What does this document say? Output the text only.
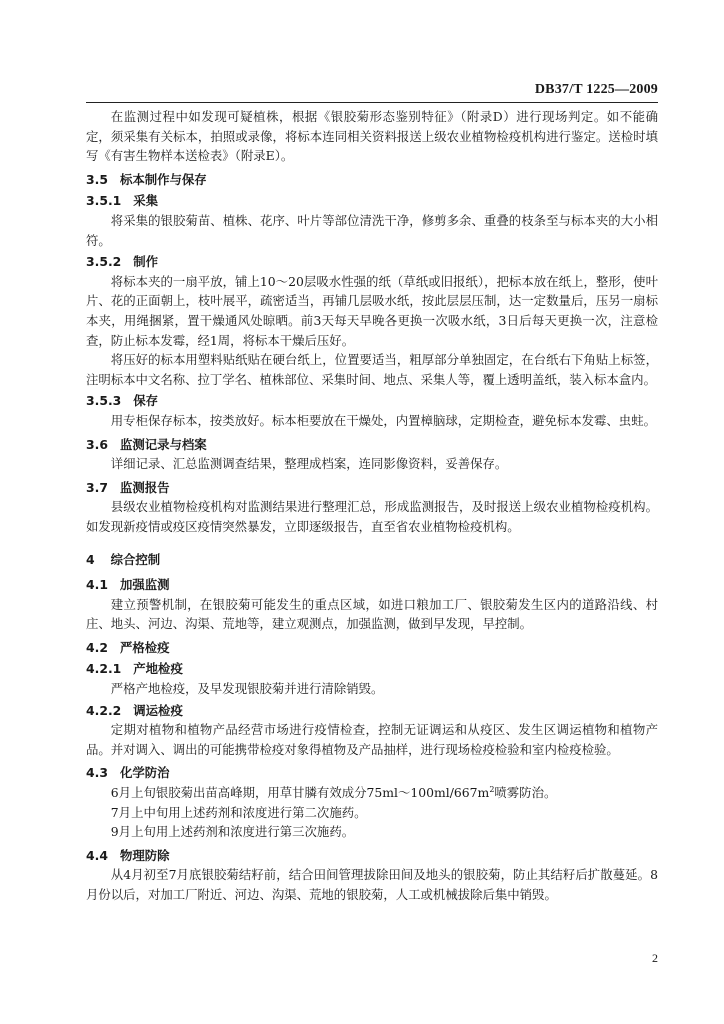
DB37/T 1225—2009

在监测过程中如发现可疑植株，根据《银胶菊形态鉴别特征》（附录D）进行现场判定。如不能确定，须采集有关标本，拍照或录像，将标本连同相关资料报送上级农业植物检疫机构进行鉴定。送检时填写《有害生物样本送检表》（附录E）。

3.5 标本制作与保存
3.5.1 采集

将采集的银胶菊苗、植株、花序、叶片等部位清洗干净，修剪多余、重叠的枝条至与标本夹的大小相符。

3.5.2 制作

将标本夹的一扇平放，铺上10～20层吸水性强的纸（草纸或旧报纸），把标本放在纸上，整形，使叶片、花的正面朝上，枝叶展平，疏密适当，再铺几层吸水纸，按此层层压制，达一定数量后，压另一扇标本夹，用绳捆紧，置干燥通风处晾晒。前3天每天早晚各更换一次吸水纸，3日后每天更换一次，注意检查，防止标本发霉，经1周，将标本干燥后压好。

将压好的标本用塑料贴纸贴在硬台纸上，位置要适当，粗厚部分单独固定，在台纸右下角贴上标签，注明标本中文名称、拉丁学名、植株部位、采集时间、地点、采集人等，覆上透明盖纸，装入标本盒内。

3.5.3 保存

用专柜保存标本，按类放好。标本柜要放在干燥处，内置樟脑球，定期检查，避免标本发霉、虫蛀。

3.6 监测记录与档案

详细记录、汇总监测调查结果，整理成档案，连同影像资料，妥善保存。

3.7 监测报告

县级农业植物检疫机构对监测结果进行整理汇总，形成监测报告，及时报送上级农业植物检疫机构。如发现新疫情或疫区疫情突然暴发，立即逐级报告，直至省农业植物检疫机构。

4 综合控制
4.1 加强监测

建立预警机制，在银胶菊可能发生的重点区域，如进口粮加工厂、银胶菊发生区内的道路沿线、村庄、地头、河边、沟渠、荒地等，建立观测点，加强监测，做到早发现，早控制。

4.2 严格检疫
4.2.1 产地检疫

严格产地检疫，及早发现银胶菊并进行清除销毁。

4.2.2 调运检疫

定期对植物和植物产品经营市场进行疫情检查，控制无证调运和从疫区、发生区调运植物和植物产品。并对调入、调出的可能携带检疫对象得植物及产品抽样，进行现场检疫检验和室内检疫检验。

4.3 化学防治

6月上旬银胶菊出苗高峰期，用草甘膦有效成分$75ml\sim 100ml/667m^2$喷雾防治。

7月上中旬用上述药剂和浓度进行第二次施药。

9月上旬用上述药剂和浓度进行第三次施药。

4.4 物理防除

从4月初至7月底银胶菊结籽前，结合田间管理拔除田间及地头的银胶菊，防止其结籽后扩散蔓延。8月份以后，对加工厂附近、河边、沟渠、荒地的银胶菊，人工或机械拔除后集中销毁。

2
